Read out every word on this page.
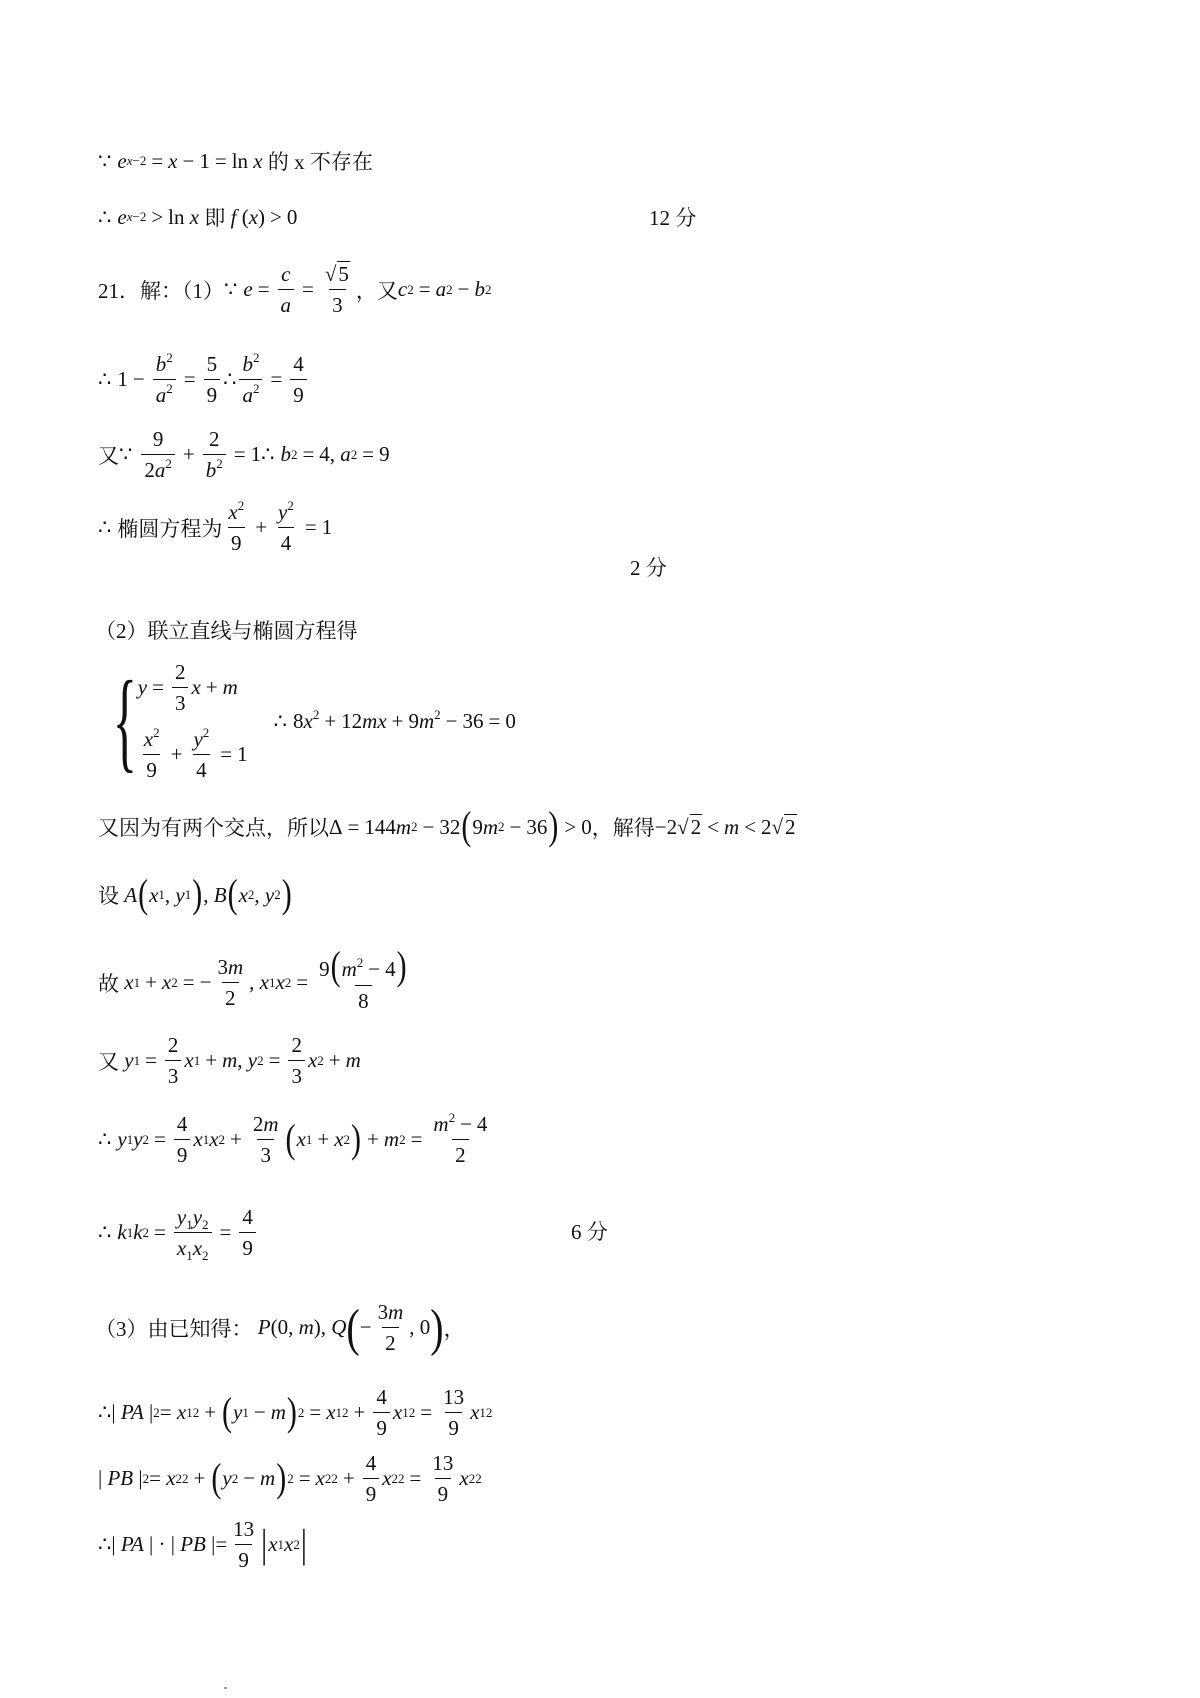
∵ e x −2 = x − 1 = ln
x
的 x 不存在
∴ e x −2 > ln
x
即
f ( x ) > 0	12 分
21．解：（1） ∵ $e = \frac{c}{a} = \frac{√5}{3}$ ，又 c 2 = a 2 − b 2
∴ $1 - \frac{b^2}{a^2} = \frac{5}{9}$ ∴ $\frac{b^2}{a^2} = \frac{4}{9}$
又 ∵ $\frac{9}{2a^2} + \frac{2}{b^2} = 1$ ∴ b 2 = 4, a 2 = 9
∴ 椭圆方程为 $\frac{x^2}{9} + \frac{y^2}{4} = 1$
2 分
（2）联立直线与椭圆方程得
{ $y = \frac{2}{3}$ x + m
$\frac{x^2}{9} + \frac{y^2}{4} = 1$
∴ $8x^2 + 12mx + 9m^2 - 36 = 0$
又因为有两个交点，所以 Δ = 144 m 2 − 32 ( 9 m 2 − 36 ) > 0 ，解得 −2√ 2 < m < 2√ 2
设
A ( x 1 , y 1 ) , B ( x 2 , y 2 )
故
x 1 + x 2 = − $\frac{3m}{2}$ , x 1 x $2 = \frac{9(m^2 - 4)}{8}$
又
y $1 = \frac{2}{3}$ x 1 + m , y $2 = \frac{2}{3}$ x 2 + m
∴ y 1 y $2 = \frac{4}{9}$ x 1 x $2 + \frac{2m}{3}$ ( x 1 + x 2 ) + m $2 = \frac{m^2 - 4}{2}$
∴ k 1 k $2 = \frac{y_1y_2}{x_1x_2} = \frac{4}{9}$	6 分
（3）由已知得：
P (0, m ), Q ( − $\frac{3m}{2}$ , 0 ) ，
∴ | PA | 2 = x 1 2 + ( y 1 − m ) 2 = x 1 $2 + \frac{4}{9}$ x 1 $2 = \frac{13}{9}$ x 1 2
| PB | 2 = x 2 2 + ( y 2 − m ) 2 = x 2 $2 + \frac{4}{9}$ x 2 $2 = \frac{13}{9}$ x 2 2
∴ | PA | · | PB |= $\frac{13}{9}$ | x 1 x 2 |
